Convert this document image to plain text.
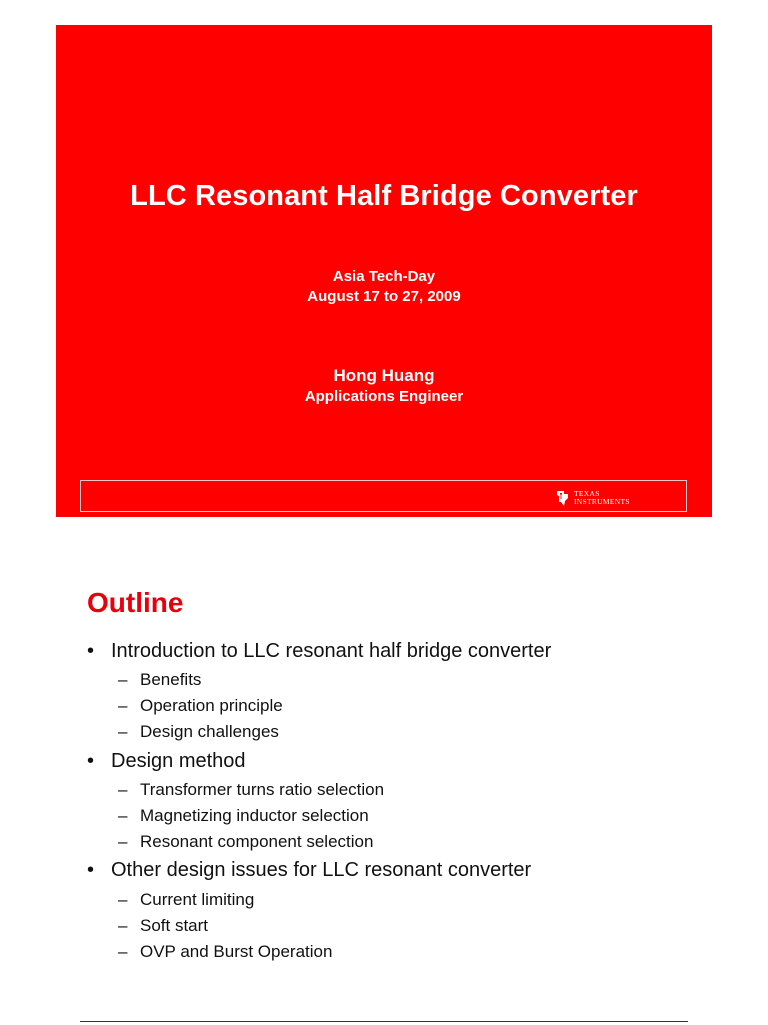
LLC Resonant Half Bridge Converter
Asia Tech-Day
August 17 to 27, 2009
Hong Huang
Applications Engineer
TEXAS
INSTRUMENTS
Outline
• Introduction to LLC resonant half bridge converter
– Benefits
– Operation principle
– Design challenges
• Design method
– Transformer turns ratio selection
– Magnetizing inductor selection
– Resonant component selection
• Other design issues for LLC resonant converter
– Current limiting
– Soft start
– OVP and Burst Operation
